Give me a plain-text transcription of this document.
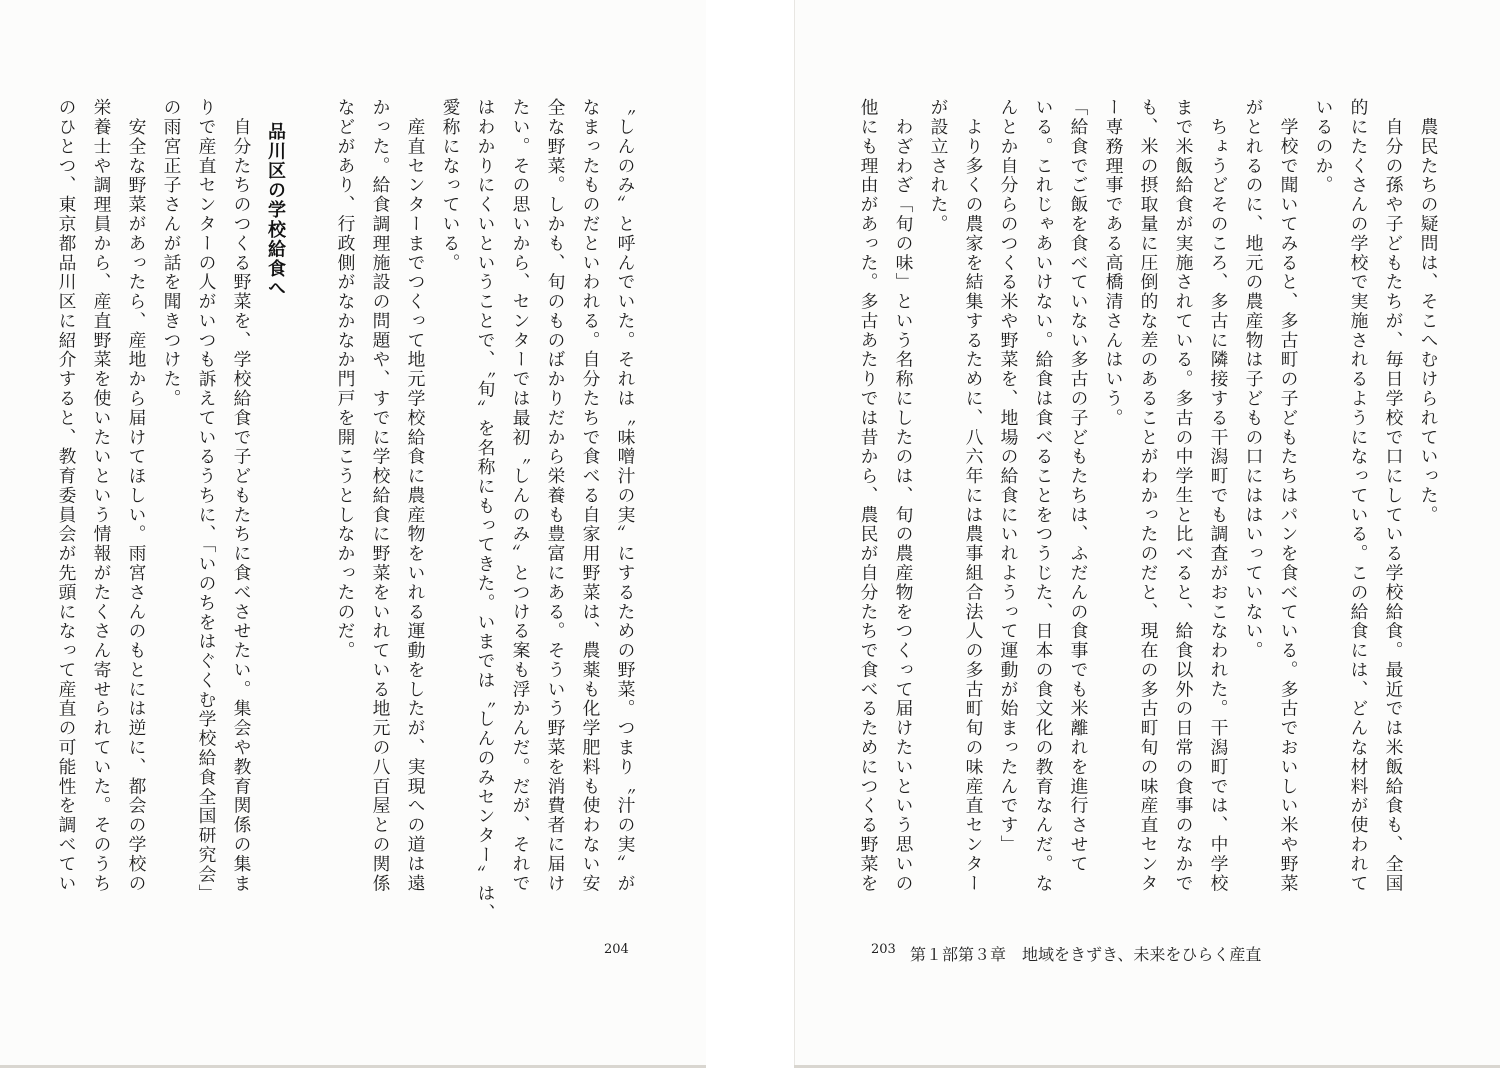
〝しんのみ〟と呼んでいた。それは〝味噌汁の実〟にするための野菜。つまり〝汁の実〟が
なまったものだといわれる。自分たちで食べる自家用野菜は、農薬も化学肥料も使わない安
全な野菜。しかも、旬のものばかりだから栄養も豊富にある。そういう野菜を消費者に届け
たい。その思いから、センターでは最初〝しんのみ〟とつける案も浮かんだ。だが、それで
はわかりにくいということで、〝旬〟を名称にもってきた。いまでは〝しんのみセンター〟は、
愛称になっている。
　産直センターまでつくって地元学校給食に農産物をいれる運動をしたが、実現への道は遠
かった。給食調理施設の問題や、すでに学校給食に野菜をいれている地元の八百屋との関係
などがあり、行政側がなかなか門戸を開こうとしなかったのだ。
品川区の学校給食へ
　自分たちのつくる野菜を、学校給食で子どもたちに食べさせたい。集会や教育関係の集ま
りで産直センターの人がいつも訴えているうちに、「いのちをはぐくむ学校給食全国研究会」
の雨宮正子さんが話を聞きつけた。
　安全な野菜があったら、産地から届けてほしい。雨宮さんのもとには逆に、都会の学校の
栄養士や調理員から、産直野菜を使いたいという情報がたくさん寄せられていた。そのうち
のひとつ、東京都品川区に紹介すると、教育委員会が先頭になって産直の可能性を調べてい
204
　農民たちの疑問は、そこへむけられていった。
　自分の孫や子どもたちが、毎日学校で口にしている学校給食。最近では米飯給食も、全国
的にたくさんの学校で実施されるようになっている。この給食には、どんな材料が使われて
いるのか。
　学校で聞いてみると、多古町の子どもたちはパンを食べている。多古でおいしい米や野菜
がとれるのに、地元の農産物は子どもの口にははいっていない。
　ちょうどそのころ、多古に隣接する干潟町でも調査がおこなわれた。干潟町では、中学校
まで米飯給食が実施されている。多古の中学生と比べると、給食以外の日常の食事のなかで
も、米の摂取量に圧倒的な差のあることがわかったのだと、現在の多古町旬の味産直センタ
ー専務理事である高橋清さんはいう。
「給食でご飯を食べていない多古の子どもたちは、ふだんの食事でも米離れを進行させて
いる。これじゃあいけない。給食は食べることをつうじた、日本の食文化の教育なんだ。な
んとか自分らのつくる米や野菜を、地場の給食にいれようって運動が始まったんです」
　より多くの農家を結集するために、八六年には農事組合法人の多古町旬の味産直センター
が設立された。
　わざわざ「旬の味」という名称にしたのは、旬の農産物をつくって届けたいという思いの
他にも理由があった。多古あたりでは昔から、農民が自分たちで食べるためにつくる野菜を
203 第１部第３章　地域をきずき、未来をひらく産直
